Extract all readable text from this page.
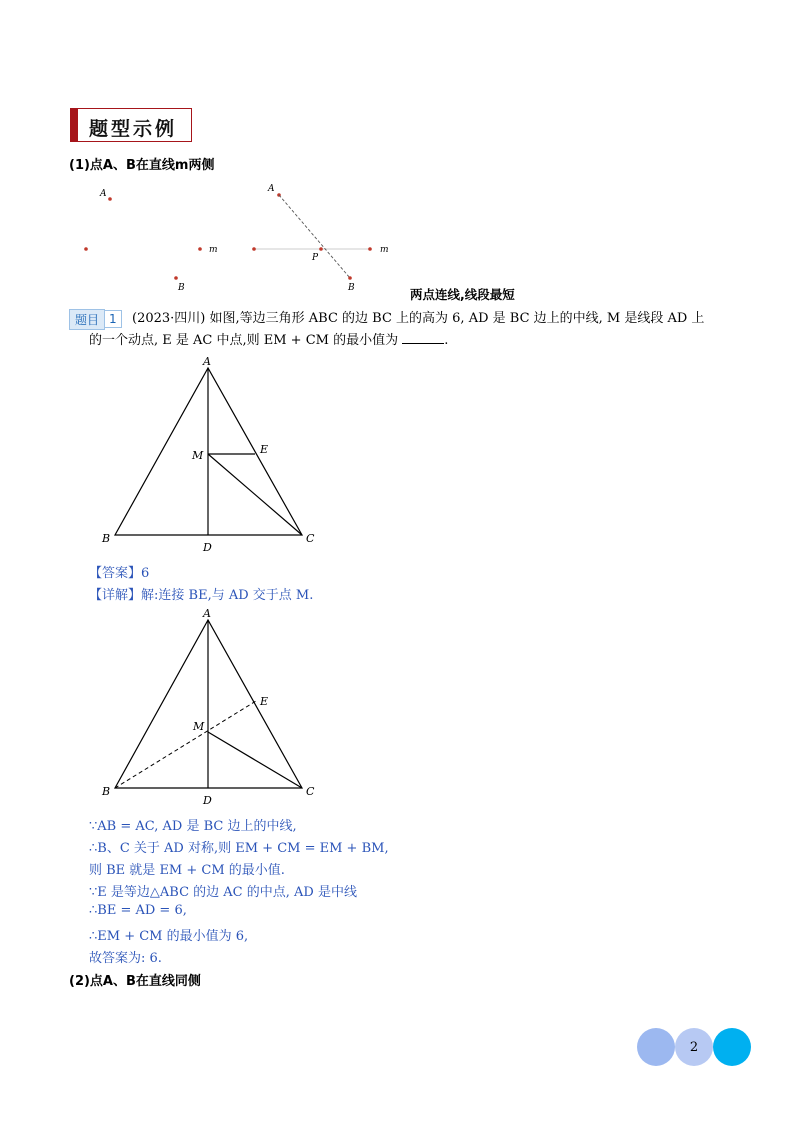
题型示例
(1)点A、B在直线m两侧
A
m
B
A
m
P
B	两点连线,线段最短
题目 1	(2023·四川) 如图,等边三角形 ABC 的边 BC 上的高为 6, AD 是 BC 边上的中线, M 是线段 AD 上
的一个动点, E 是 AC 中点,则 EM + CM 的最小值为	.
A
B	C
D
E
M
【答案】6
【详解】解:连接 BE,与 AD 交于点 M.
A
B	C
D
E
M
∵AB = AC, AD 是 BC 边上的中线,
∴B、C 关于 AD 对称,则 EM + CM = EM + BM,
则 BE 就是 EM + CM 的最小值.
∵E 是等边△ABC 的边 AC 的中点, AD 是中线
∴BE = AD = 6,
∴EM + CM 的最小值为 6,
故答案为: 6.
(2)点A、B在直线同侧
2
